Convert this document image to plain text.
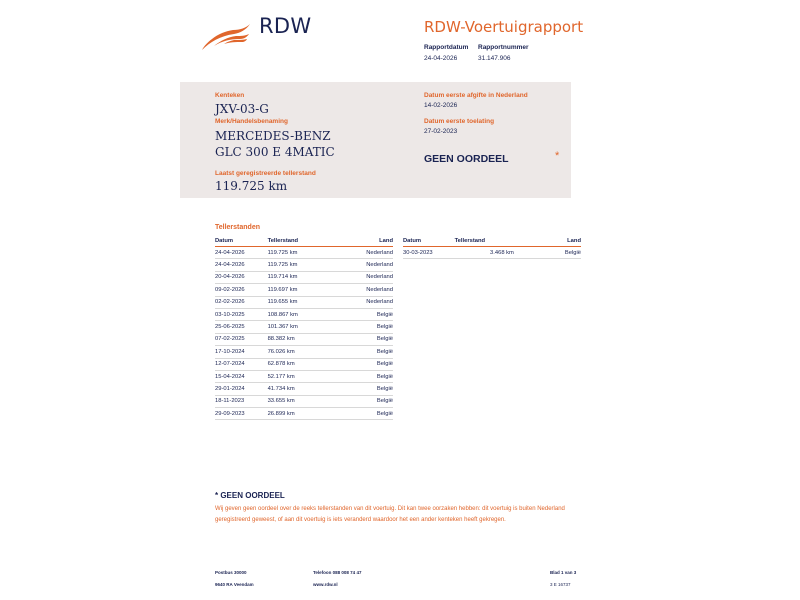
RDW	RDW-Voertuigrapport
Rapportdatum
24-04-2026
Rapportnummer
31.147.906
Kenteken
JXV-03-G
Merk/Handelsbenaming
MERCEDES-BENZ
GLC 300 E 4MATIC
Laatst geregistreerde tellerstand
119.725 km
Datum eerste afgifte in Nederland
14-02-2026
Datum eerste toelating
27-02-2023
GEEN OORDEEL	*
Tellerstanden
Datum	Tellerstand	Land
24-04-2026	119.725 km	Nederland
24-04-2026	119.725 km	Nederland
20-04-2026	119.714 km	Nederland
09-02-2026	119.697 km	Nederland
02-02-2026	119.655 km	Nederland
03-10-2025	108.867 km	België
25-06-2025	101.367 km	België
07-02-2025	88.382 km	België
17-10-2024	76.026 km	België
12-07-2024	62.878 km	België
15-04-2024	52.177 km	België
29-01-2024	41.734 km	België
18-11-2023	33.655 km	België
29-09-2023	26.899 km	België
Datum	Tellerstand	Land
30-03-2023	3.468 km	België
* GEEN OORDEEL
Wij geven geen oordeel over de reeks tellerstanden van dit voertuig. Dit kan twee oorzaken hebben: dit voertuig is buiten Nederland geregistreerd geweest, of aan dit voertuig is iets veranderd waardoor het een ander kenteken heeft gekregen.
Postbus 30000
9640 RA Veendam
Telefoon 088 008 74 47
www.rdw.nl
Blad 1 van 3
3 E 16737
